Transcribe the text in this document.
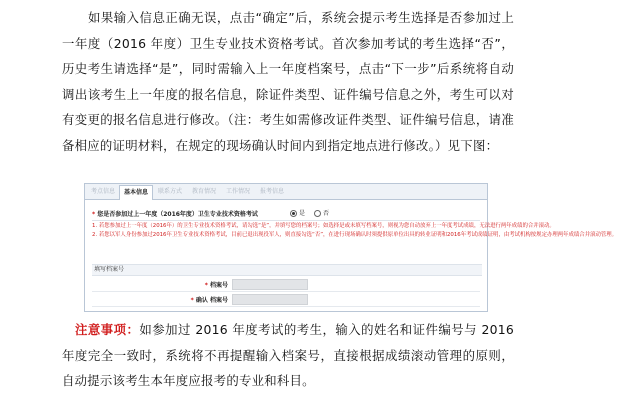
如果输入信息正确无误，点击“确定”后，系统会提示考生选择是否参加过上一年度（2016 年度）卫生专业技术资格考试。首次参加考试的考生选择“否”，历史考生请选择“是”，同时需输入上一年度档案号，点击“下一步”后系统将自动调出该考生上一年度的报名信息，除证件类型、证件编号信息之外，考生可以对有变更的报名信息进行修改。（注：考生如需修改证件类型、证件编号信息，请准备相应的证明材料，在规定的现场确认时间内到指定地点进行修改。）见下图：
考点信息	基本信息	联系方式	教育情况	工作情况	报考信息
* 您是否参加过上一年度（2016年度）卫生专业技术资格考试	是	否
1. 若您参加过上一年度（2016年）的卫生专业技术资格考试，请勾选“是”，并填写您的档案号；如选择是或未填写档案号，则视为您自动放弃上一年度考试成绩，无法进行两年成绩的合并滚动。
2. 若您以军人身份参加过2016年卫生专业技术资格考试，目前已退出现役军人，则直接勾选“否”，在进行现场确认时须提供原单位出具的转业证明和2016年考试成绩证明，由考试机构按规定办理两年成绩合并滚动管理。
填写档案号
* 档案号
* 确认 档案号
注意事项：如参加过 2016 年度考试的考生，输入的姓名和证件编号与 2016 年度完全一致时，系统将不再提醒输入档案号，直接根据成绩滚动管理的原则，自动提示该考生本年度应报考的专业和科目。
